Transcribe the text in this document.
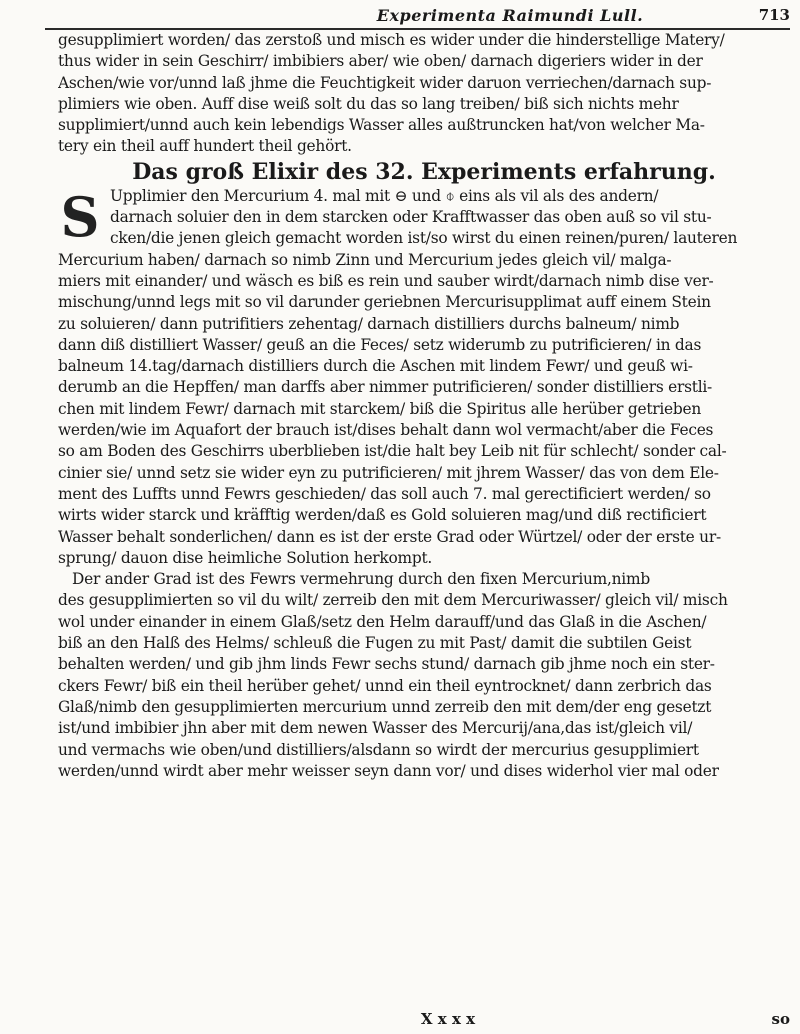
Experimenta Raimundi Lull.	713
gesupplimiert worden/ das zerstoß und misch es wider under die hinderstellige Matery/
thus wider in sein Geschirr/ imbibiers aber/ wie oben/ darnach digeriers wider in der
Aschen/wie vor/unnd laß jhme die Feuchtigkeit wider daruon verriechen/darnach sup-
plimiers wie oben. Auff dise weiß solt du das so lang treiben/ biß sich nichts mehr
supplimiert/unnd auch kein lebendigs Wasser alles außtruncken hat/von welcher Ma-
tery ein theil auff hundert theil gehört.
Das groß Elixir des 32. Experiments erfahrung.
S Upplimier den Mercurium 4. mal mit ⊖ und ⌽ eins als vil als des andern/
darnach soluier den in dem starcken oder Krafftwasser das oben auß so vil stu-
cken/die jenen gleich gemacht worden ist/so wirst du einen reinen/puren/ lauteren
Mercurium haben/ darnach so nimb Zinn und Mercurium jedes gleich vil/ malga-
miers mit einander/ und wäsch es biß es rein und sauber wirdt/darnach nimb dise ver-
mischung/unnd legs mit so vil darunder geriebnen Mercurisupplimat auff einem Stein
zu soluieren/ dann putrifitiers zehentag/ darnach distilliers durchs balneum/ nimb
dann diß distilliert Wasser/ geuß an die Feces/ setz widerumb zu putrificieren/ in das
balneum 14.tag/darnach distilliers durch die Aschen mit lindem Fewr/ und geuß wi-
derumb an die Hepffen/ man darffs aber nimmer putrificieren/ sonder distilliers erstli-
chen mit lindem Fewr/ darnach mit starckem/ biß die Spiritus alle herüber getrieben
werden/wie im Aquafort der brauch ist/dises behalt dann wol vermacht/aber die Feces
so am Boden des Geschirrs uberblieben ist/die halt bey Leib nit für schlecht/ sonder cal-
cinier sie/ unnd setz sie wider eyn zu putrificieren/ mit jhrem Wasser/ das von dem Ele-
ment des Luffts unnd Fewrs geschieden/ das soll auch 7. mal gerectificiert werden/ so
wirts wider starck und kräfftig werden/daß es Gold soluieren mag/und diß rectificiert
Wasser behalt sonderlichen/ dann es ist der erste Grad oder Würtzel/ oder der erste ur-
sprung/ dauon dise heimliche Solution herkompt.
Der ander Grad ist des Fewrs vermehrung durch den fixen Mercurium,nimb
des gesupplimierten so vil du wilt/ zerreib den mit dem Mercuriwasser/ gleich vil/ misch
wol under einander in einem Glaß/setz den Helm darauff/und das Glaß in die Aschen/
biß an den Halß des Helms/ schleuß die Fugen zu mit Past/ damit die subtilen Geist
behalten werden/ und gib jhm linds Fewr sechs stund/ darnach gib jhme noch ein ster-
ckers Fewr/ biß ein theil herüber gehet/ unnd ein theil eyntrocknet/ dann zerbrich das
Glaß/nimb den gesupplimierten mercurium unnd zerreib den mit dem/der eng gesetzt
ist/und imbibier jhn aber mit dem newen Wasser des Mercurij/ana,das ist/gleich vil/
und vermachs wie oben/und distilliers/alsdann so wirdt der mercurius gesupplimiert
werden/unnd wirdt aber mehr weisser seyn dann vor/ und dises widerhol vier mal oder
X x x x	so
